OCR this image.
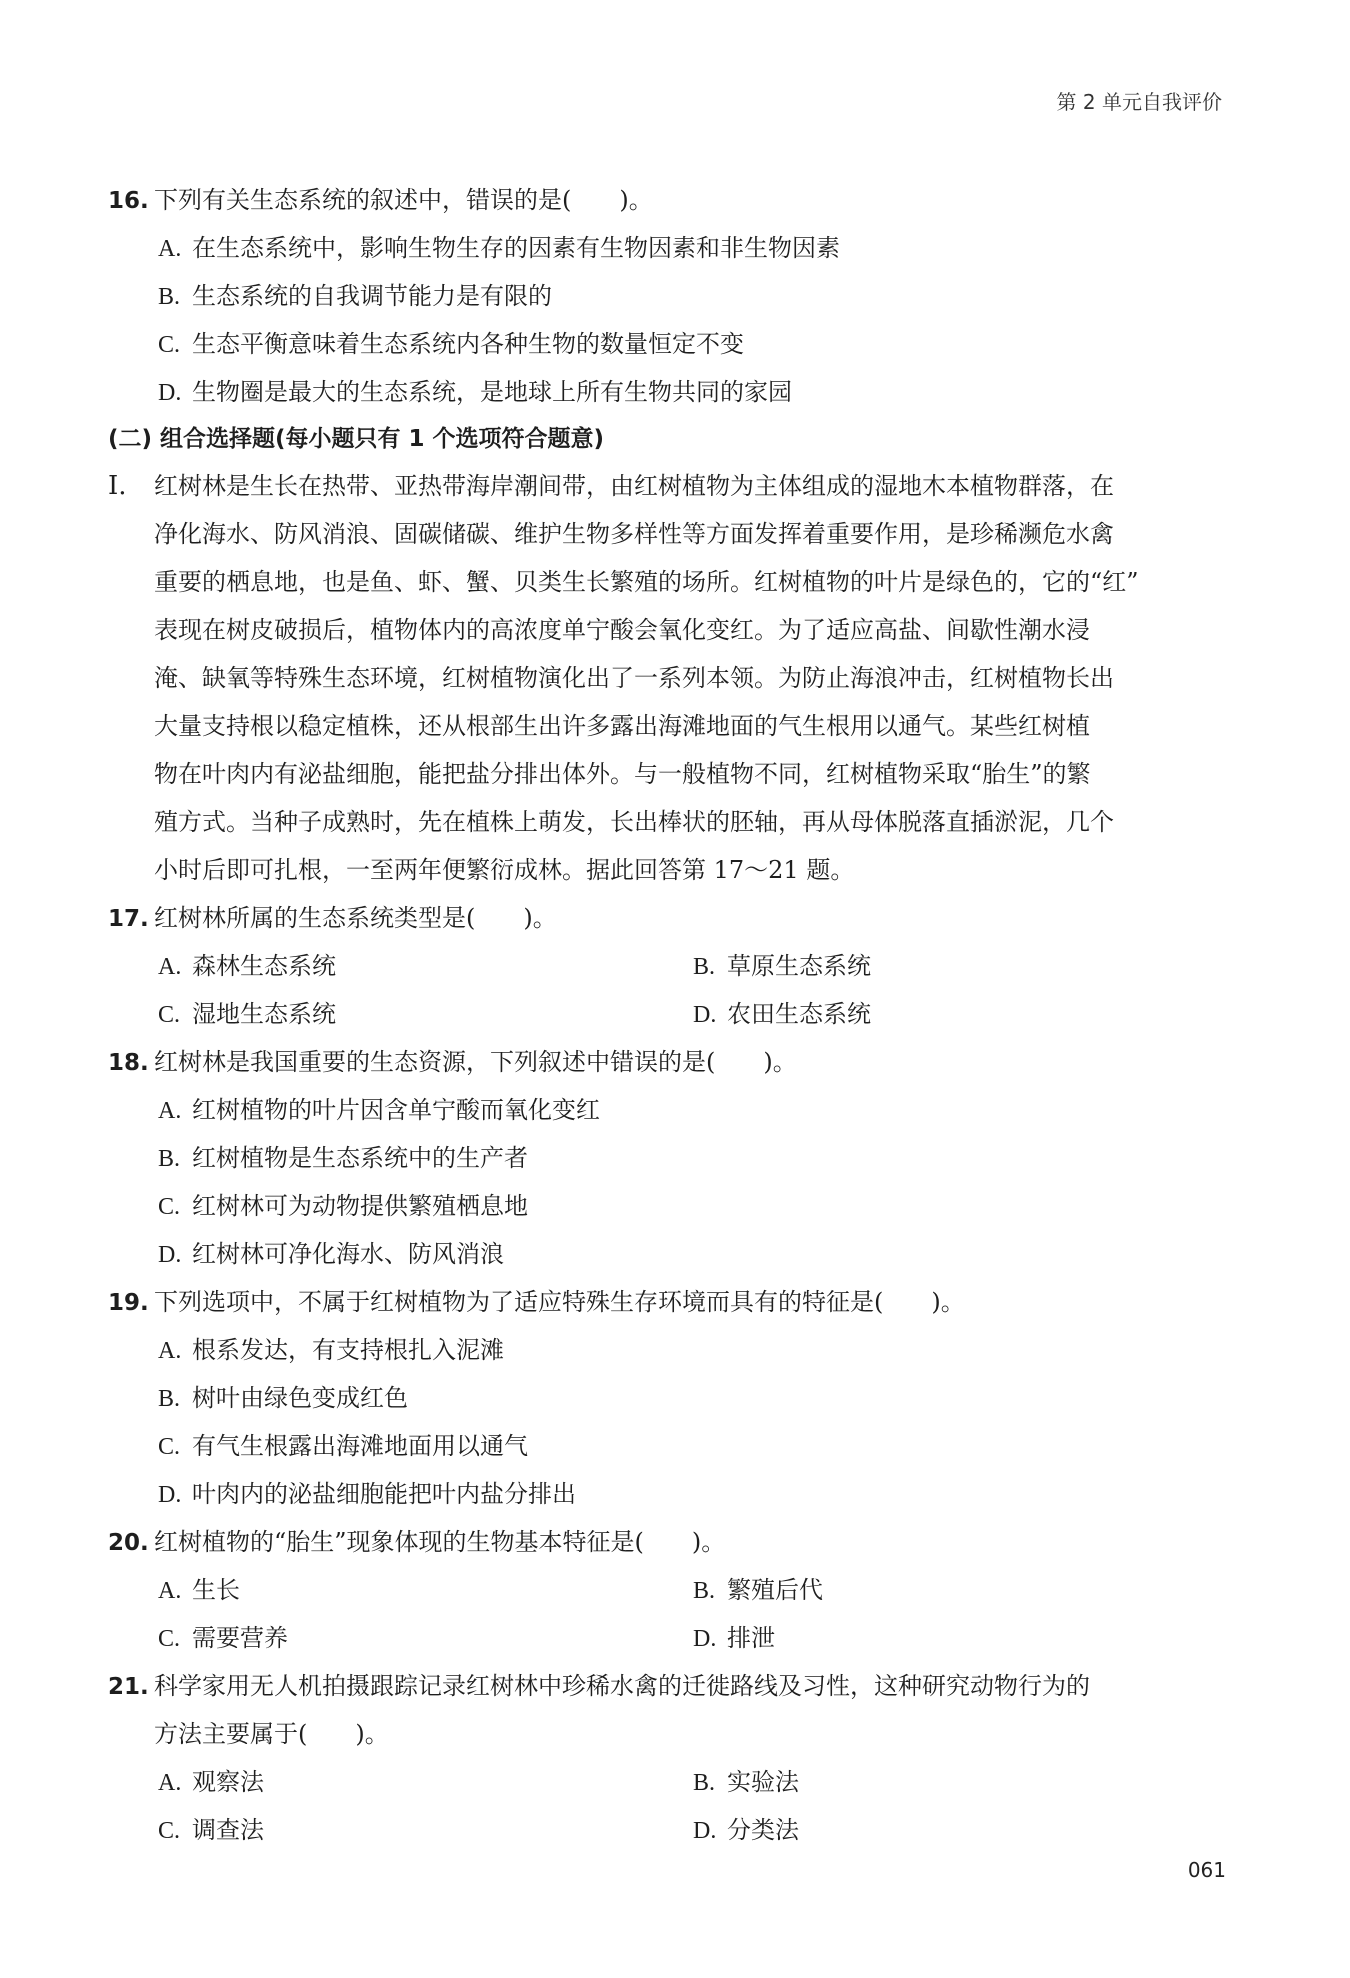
第 2 单元自我评价
16. 下列有关生态系统的叙述中，错误的是(　　)。
A. 在生态系统中，影响生物生存的因素有生物因素和非生物因素
B. 生态系统的自我调节能力是有限的
C. 生态平衡意味着生态系统内各种生物的数量恒定不变
D. 生物圈是最大的生态系统，是地球上所有生物共同的家园
(二) 组合选择题(每小题只有 1 个选项符合题意)
Ⅰ.	红树林是生长在热带、亚热带海岸潮间带，由红树植物为主体组成的湿地木本植物群落，在
净化海水、防风消浪、固碳储碳、维护生物多样性等方面发挥着重要作用，是珍稀濒危水禽
重要的栖息地，也是鱼、虾、蟹、贝类生长繁殖的场所。红树植物的叶片是绿色的，它的“红”
表现在树皮破损后，植物体内的高浓度单宁酸会氧化变红。为了适应高盐、间歇性潮水浸
淹、缺氧等特殊生态环境，红树植物演化出了一系列本领。为防止海浪冲击，红树植物长出
大量支持根以稳定植株，还从根部生出许多露出海滩地面的气生根用以通气。某些红树植
物在叶肉内有泌盐细胞，能把盐分排出体外。与一般植物不同，红树植物采取“胎生”的繁
殖方式。当种子成熟时，先在植株上萌发，长出棒状的胚轴，再从母体脱落直插淤泥，几个
小时后即可扎根，一至两年便繁衍成林。据此回答第 17～21 题。
17. 红树林所属的生态系统类型是(　　)。
A. 森林生态系统	B. 草原生态系统
C. 湿地生态系统	D. 农田生态系统
18. 红树林是我国重要的生态资源，下列叙述中错误的是(　　)。
A. 红树植物的叶片因含单宁酸而氧化变红
B. 红树植物是生态系统中的生产者
C. 红树林可为动物提供繁殖栖息地
D. 红树林可净化海水、防风消浪
19. 下列选项中，不属于红树植物为了适应特殊生存环境而具有的特征是(　　)。
A. 根系发达，有支持根扎入泥滩
B. 树叶由绿色变成红色
C. 有气生根露出海滩地面用以通气
D. 叶肉内的泌盐细胞能把叶内盐分排出
20. 红树植物的“胎生”现象体现的生物基本特征是(　　)。
A. 生长	B. 繁殖后代
C. 需要营养	D. 排泄
21. 科学家用无人机拍摄跟踪记录红树林中珍稀水禽的迁徙路线及习性，这种研究动物行为的
方法主要属于(　　)。
A. 观察法	B. 实验法
C. 调查法	D. 分类法
061
